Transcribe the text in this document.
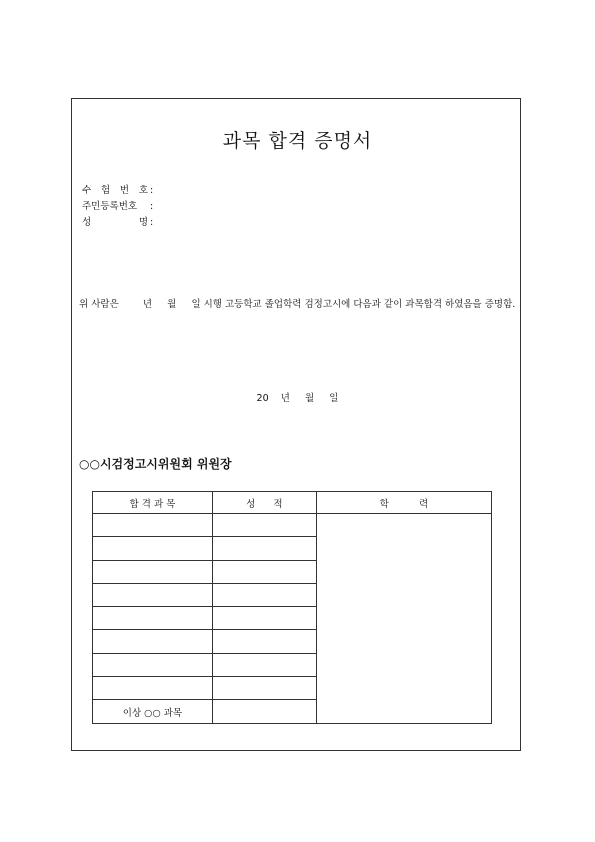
과목 합격 증명서
수 험 번 호 :
주민등록번호	:
성	명 :
위 사람은        년     월     일 시행 고등학교 졸업학력 검정고시에 다음과 같이 과목합격 하였음을 증명함.
20    년     월     일
○○시검정고시위원회 위원장
합 격 과 목	성      적	학          력

이상 ○○ 과목		
